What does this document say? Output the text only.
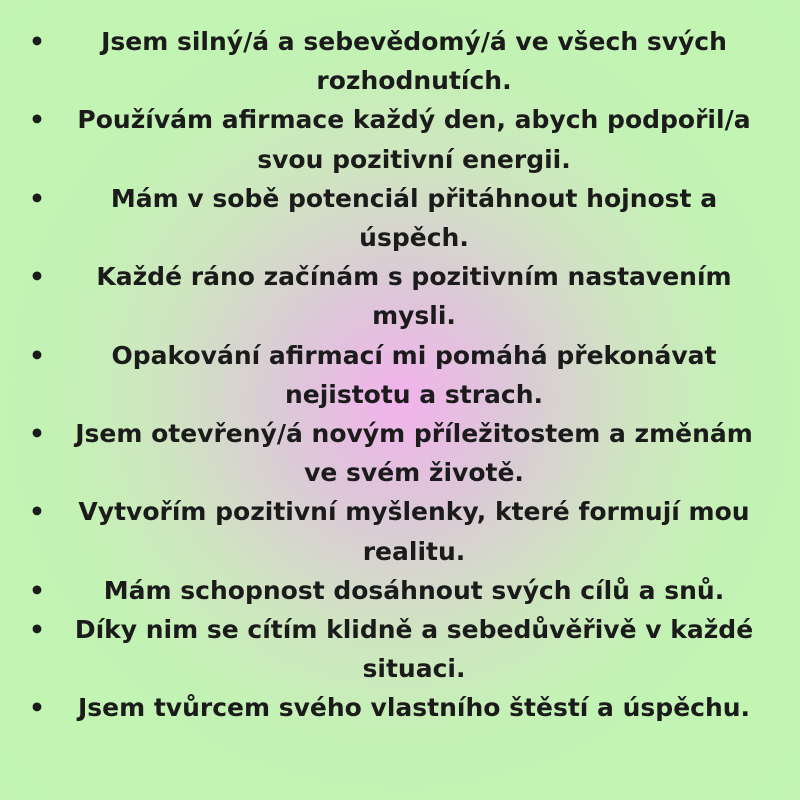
•	Jsem silný/á a sebevědomý/á ve všech svých rozhodnutích.
•	Používám afirmace každý den, abych podpořil/a svou pozitivní energii.
•	Mám v sobě potenciál přitáhnout hojnost a úspěch.
•	Každé ráno začínám s pozitivním nastavením mysli.
•	Opakování afirmací mi pomáhá překonávat nejistotu a strach.
•	Jsem otevřený/á novým příležitostem a změnám ve svém životě.
•	Vytvořím pozitivní myšlenky, které formují mou realitu.
•	Mám schopnost dosáhnout svých cílů a snů.
•	Díky nim se cítím klidně a sebedůvěřivě v každé situaci.
•	Jsem tvůrcem svého vlastního štěstí a úspěchu.
